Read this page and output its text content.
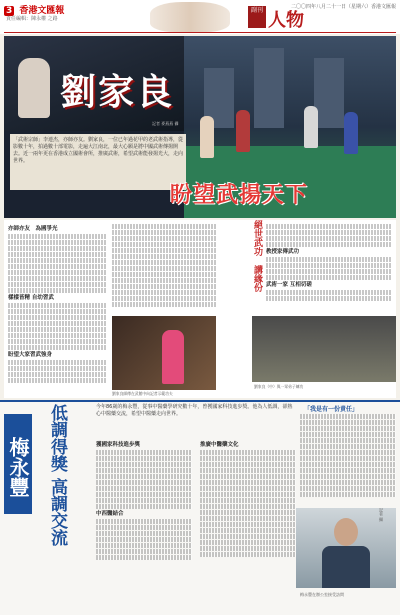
3 香港文匯報	二〇〇四年八月二十一日（星期六）香港文匯報
責任編輯：陳永權 之路
副刊 人物
劉家良
記者 麥燕燕 攝
「武術宗師」李連杰，亦師亦友。劉家良，一位已年過花甲的老武術指導，從影數十年，拍過數十部電影，走遍大江南北，最大心願是將中國武術傳揚開去。近一兩年更在香港成立國術會所，推廣武術，希望武術能發揚光大，走向世界。
盼望武揚天下
亦師亦友　為國爭光
樣樣皆精 自幼習武
盼望大家習武強身
劉家良師傅在武館中向記者示範功夫
絕世武功　講緣份 教授家傳武功
武術一家 互相切磋
劉家良（中）與一眾弟子練功
梅永豐	低調得獎 高調交流	今年86歲的梅永豐，從事中醫藥學研究數十年，曾獲國家科技進步獎。他為人低調，卻熱心中醫藥交流，希望中醫藥走向世界。
獲國家科技進步獎
中西醫結合
推廣中醫藥文化
「我是有一份責任」
記者 攝
梅永豐在辦公室接受訪問
